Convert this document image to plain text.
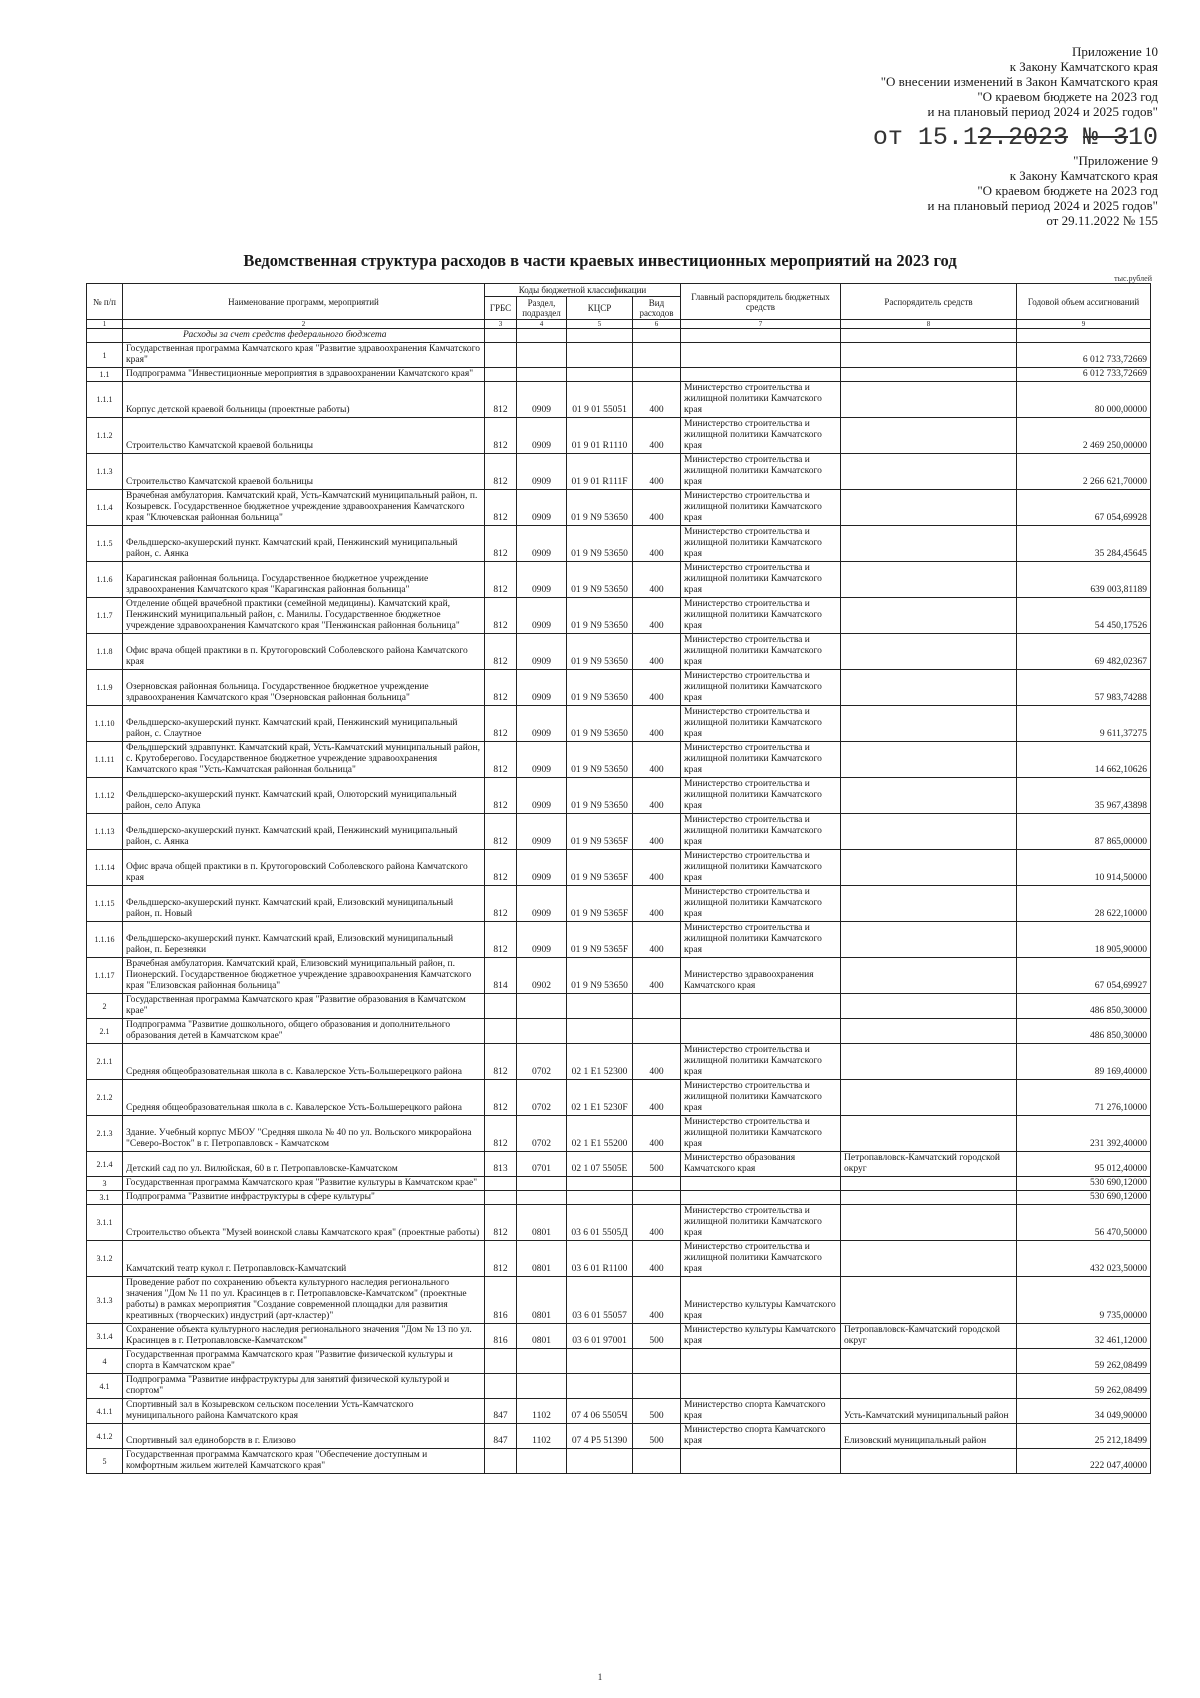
Приложение 10
к Закону Камчатского края
"О внесении изменений в Закон Камчатского края
"О краевом бюджете на 2023 год
и на плановый период 2024 и 2025 годов"
от 15.12.2023 № 310
"Приложение 9
к Закону Камчатского края
"О краевом бюджете на 2023 год
и на плановый период 2024 и 2025 годов"
от 29.11.2022 № 155
Ведомственная структура расходов в части краевых инвестиционных мероприятий на 2023 год
тыс.рублей
№ п/п	Наименование программ, мероприятий	Коды бюджетной классификации				Главный распорядитель бюджетных средств	Распорядитель средств	Годовой объем ассигнований
		ГРБС	Раздел, подраздел	КЦСР	Вид расходов			
1	2	3	4	5	6	7	8	9
	Расходы за счет средств федерального бюджета							
1	Государственная программа Камчатского края "Развитие здравоохранения Камчатского края"							6 012 733,72669
1.1	Подпрограмма "Инвестиционные мероприятия в здравоохранении Камчатского края"							6 012 733,72669
1.1.1	Корпус детской краевой больницы (проектные работы)	812	0909	01 9 01 55051	400	Министерство строительства и жилищной политики Камчатского края		80 000,00000
1.1.2	Строительство Камчатской краевой больницы	812	0909	01 9 01 R1110	400	Министерство строительства и жилищной политики Камчатского края		2 469 250,00000
1.1.3	Строительство Камчатской краевой больницы	812	0909	01 9 01 R111F	400	Министерство строительства и жилищной политики Камчатского края		2 266 621,70000
1.1.4	Врачебная амбулатория. Камчатский край, Усть-Камчатский муниципальный район, п. Козыревск. Государственное бюджетное учреждение здравоохранения Камчатского края "Ключевская районная больница"	812	0909	01 9 N9 53650	400	Министерство строительства и жилищной политики Камчатского края		67 054,69928
1.1.5	Фельдшерско-акушерский пункт. Камчатский край, Пенжинский муниципальный район, с. Аянка	812	0909	01 9 N9 53650	400	Министерство строительства и жилищной политики Камчатского края		35 284,45645
1.1.6	Карагинская районная больница. Государственное бюджетное учреждение здравоохранения Камчатского края "Карагинская районная больница"	812	0909	01 9 N9 53650	400	Министерство строительства и жилищной политики Камчатского края		639 003,81189
1.1.7	Отделение общей врачебной практики (семейной медицины). Камчатский край, Пенжинский муниципальный район, с. Манилы. Государственное бюджетное учреждение здравоохранения Камчатского края "Пенжинская районная больница"	812	0909	01 9 N9 53650	400	Министерство строительства и жилищной политики Камчатского края		54 450,17526
1.1.8	Офис врача общей практики в п. Крутогоровский Соболевского района Камчатского края	812	0909	01 9 N9 53650	400	Министерство строительства и жилищной политики Камчатского края		69 482,02367
1.1.9	Озерновская районная больница. Государственное бюджетное учреждение здравоохранения Камчатского края "Озерновская районная больница"	812	0909	01 9 N9 53650	400	Министерство строительства и жилищной политики Камчатского края		57 983,74288
1.1.10	Фельдшерско-акушерский пункт. Камчатский край, Пенжинский муниципальный район, с. Слаутное	812	0909	01 9 N9 53650	400	Министерство строительства и жилищной политики Камчатского края		9 611,37275
1.1.11	Фельдшерский здравпункт. Камчатский край, Усть-Камчатский муниципальный район, с. Крутоберегово. Государственное бюджетное учреждение здравоохранения Камчатского края "Усть-Камчатская районная больница"	812	0909	01 9 N9 53650	400	Министерство строительства и жилищной политики Камчатского края		14 662,10626
1.1.12	Фельдшерско-акушерский пункт. Камчатский край, Олюторский муниципальный район, село Апука	812	0909	01 9 N9 53650	400	Министерство строительства и жилищной политики Камчатского края		35 967,43898
1.1.13	Фельдшерско-акушерский пункт. Камчатский край, Пенжинский муниципальный район, с. Аянка	812	0909	01 9 N9 5365F	400	Министерство строительства и жилищной политики Камчатского края		87 865,00000
1.1.14	Офис врача общей практики в п. Крутогоровский Соболевского района Камчатского края	812	0909	01 9 N9 5365F	400	Министерство строительства и жилищной политики Камчатского края		10 914,50000
1.1.15	Фельдшерско-акушерский пункт. Камчатский край, Елизовский муниципальный район, п. Новый	812	0909	01 9 N9 5365F	400	Министерство строительства и жилищной политики Камчатского края		28 622,10000
1.1.16	Фельдшерско-акушерский пункт. Камчатский край, Елизовский муниципальный район, п. Березняки	812	0909	01 9 N9 5365F	400	Министерство строительства и жилищной политики Камчатского края		18 905,90000
1.1.17	Врачебная амбулатория. Камчатский край, Елизовский муниципальный район, п. Пионерский. Государственное бюджетное учреждение здравоохранения Камчатского края "Елизовская районная больница"	814	0902	01 9 N9 53650	400	Министерство здравоохранения Камчатского края		67 054,69927
2	Государственная программа Камчатского края "Развитие образования в Камчатском крае"							486 850,30000
2.1	Подпрограмма "Развитие дошкольного, общего образования и дополнительного образования детей в Камчатском крае"							486 850,30000
2.1.1	Средняя общеобразовательная школа в с. Кавалерское Усть-Большерецкого района	812	0702	02 1 E1 52300	400	Министерство строительства и жилищной политики Камчатского края		89 169,40000
2.1.2	Средняя общеобразовательная школа в с. Кавалерское Усть-Большерецкого района	812	0702	02 1 E1 5230F	400	Министерство строительства и жилищной политики Камчатского края		71 276,10000
2.1.3	Здание. Учебный корпус МБОУ "Средняя школа № 40 по ул. Вольского микрорайона "Северо-Восток" в г. Петропавловск - Камчатском	812	0702	02 1 E1 55200	400	Министерство строительства и жилищной политики Камчатского края		231 392,40000
2.1.4	Детский сад по ул. Вилюйская, 60 в г. Петропавловске-Камчатском	813	0701	02 1 07 5505Е	500	Министерство образования Камчатского края	Петропавловск-Камчатский городской округ	95 012,40000
3	Государственная программа Камчатского края "Развитие культуры в Камчатском крае"							530 690,12000
3.1	Подпрограмма "Развитие инфраструктуры в сфере культуры"							530 690,12000
3.1.1	Строительство объекта "Музей воинской славы Камчатского края" (проектные работы)	812	0801	03 6 01 5505Д	400	Министерство строительства и жилищной политики Камчатского края		56 470,50000
3.1.2	Камчатский театр кукол г. Петропавловск-Камчатский	812	0801	03 6 01 R1100	400	Министерство строительства и жилищной политики Камчатского края		432 023,50000
3.1.3	Проведение работ по сохранению объекта культурного наследия регионального значения "Дом № 11 по ул. Красинцев в г. Петропавловске-Камчатском" (проектные работы) в рамках мероприятия "Создание современной площадки для развития креативных (творческих) индустрий (арт-кластер)"	816	0801	03 6 01 55057	400	Министерство культуры Камчатского края		9 735,00000
3.1.4	Сохранение объекта культурного наследия регионального значения "Дом № 13 по ул. Красинцев в г. Петропавловске-Камчатском"	816	0801	03 6 01 97001	500	Министерство культуры Камчатского края	Петропавловск-Камчатский городской округ	32 461,12000
4	Государственная программа Камчатского края "Развитие физической культуры и спорта в Камчатском крае"							59 262,08499
4.1	Подпрограмма "Развитие инфраструктуры для занятий физической культурой и спортом"							59 262,08499
4.1.1	Спортивный зал в Козыревском сельском поселении Усть-Камчатского муниципального района Камчатского края	847	1102	07 4 06 5505Ч	500	Министерство спорта Камчатского края	Усть-Камчатский муниципальный район	34 049,90000
4.1.2	Спортивный зал единоборств в г. Елизово	847	1102	07 4 P5 51390	500	Министерство спорта Камчатского края	Елизовский муниципальный район	25 212,18499
5	Государственная программа Камчатского края "Обеспечение доступным и комфортным жильем жителей Камчатского края"							222 047,40000
1
